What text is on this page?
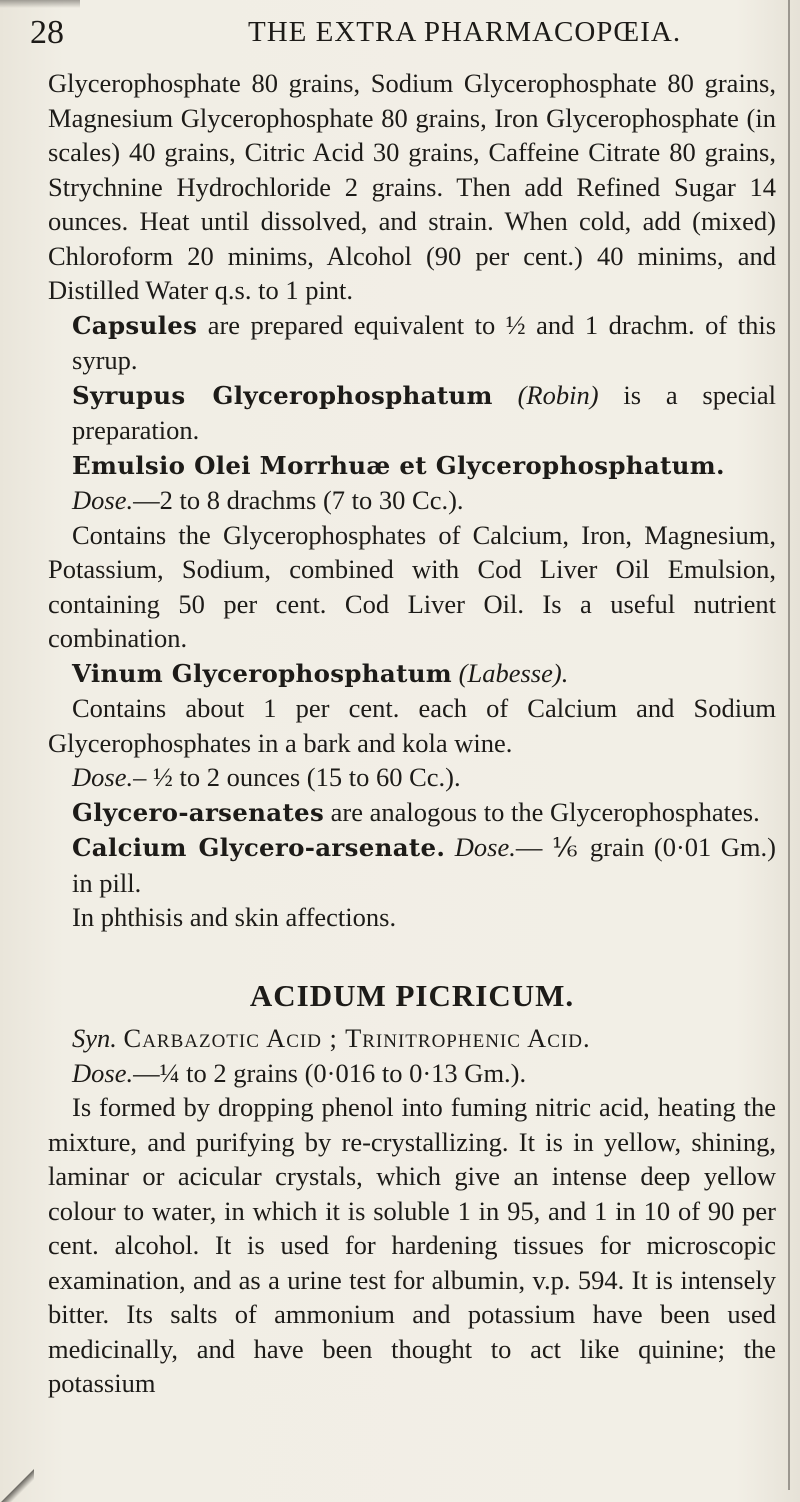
28	THE EXTRA PHARMACOPŒIA.

Glycerophosphate 80 grains, Sodium Glycerophosphate 80 grains, Magnesium Glycerophosphate 80 grains, Iron Glycerophosphate (in scales) 40 grains, Citric Acid 30 grains, Caffeine Citrate 80 grains, Strychnine Hydrochloride 2 grains. Then add Refined Sugar 14 ounces. Heat until dissolved, and strain. When cold, add (mixed) Chloroform 20 minims, Alcohol (90 per cent.) 40 minims, and Distilled Water q.s. to 1 pint.

Capsules are prepared equivalent to ½ and 1 drachm. of this syrup.

Syrupus Glycerophosphatum (Robin) is a special preparation.

Emulsio Olei Morrhuæ et Glycerophosphatum.

Dose.—2 to 8 drachms (7 to 30 Cc.).

Contains the Glycerophosphates of Calcium, Iron, Magnesium, Potassium, Sodium, combined with Cod Liver Oil Emulsion, containing 50 per cent. Cod Liver Oil. Is a useful nutrient combination.

Vinum Glycerophosphatum (Labesse).

Contains about 1 per cent. each of Calcium and Sodium Glycerophosphates in a bark and kola wine.

Dose.– ½ to 2 ounces (15 to 60 Cc.).

Glycero-arsenates are analogous to the Glycerophosphates.

Calcium Glycero-arsenate. Dose.— ⅙ grain (0·01 Gm.) in pill.

In phthisis and skin affections.

ACIDUM PICRICUM.

Syn. Carbazotic Acid ; Trinitrophenic Acid.

Dose.—¼ to 2 grains (0·016 to 0·13 Gm.).

Is formed by dropping phenol into fuming nitric acid, heating the mixture, and purifying by re-crystallizing. It is in yellow, shining, laminar or acicular crystals, which give an intense deep yellow colour to water, in which it is soluble 1 in 95, and 1 in 10 of 90 per cent. alcohol. It is used for hardening tissues for microscopic examination, and as a urine test for albumin, v.p. 594. It is intensely bitter. Its salts of ammonium and potassium have been used medicinally, and have been thought to act like quinine; the potassium
